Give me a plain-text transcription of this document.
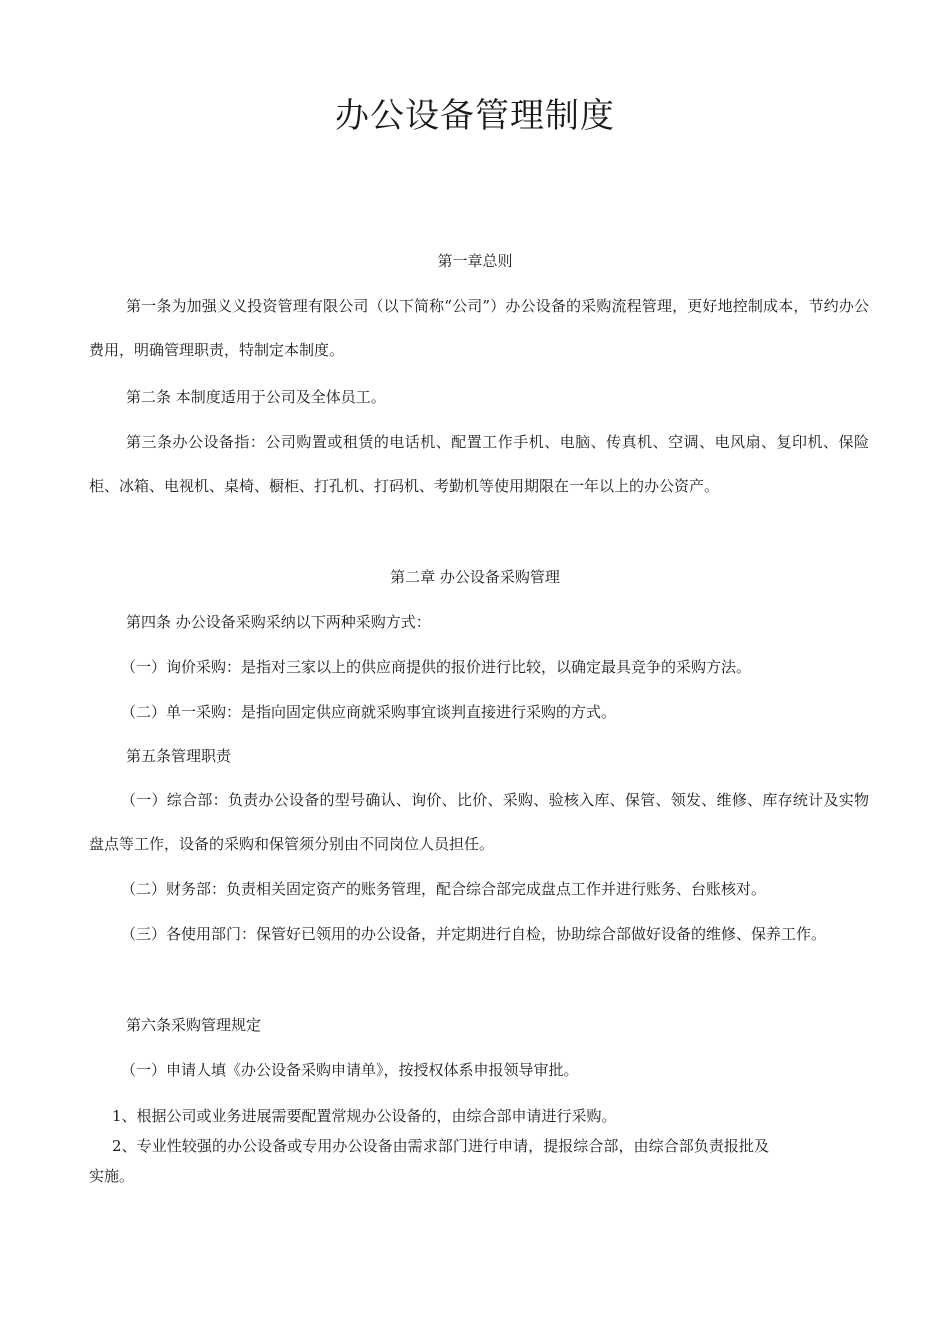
办公设备管理制度
第一章总则

第一条为加强义义投资管理有限公司（以下简称“公司”）办公设备的采购流程管理，更好地控制成本，节约办公费用，明确管理职责，特制定本制度。

第二条 本制度适用于公司及全体员工。

第三条办公设备指：公司购置或租赁的电话机、配置工作手机、电脑、传真机、空调、电风扇、复印机、保险柜、冰箱、电视机、桌椅、橱柜、打孔机、打码机、考勤机等使用期限在一年以上的办公资产。

第二章 办公设备采购管理

第四条 办公设备采购采纳以下两种采购方式：

（一）询价采购：是指对三家以上的供应商提供的报价进行比较，以确定最具竞争的采购方法。

（二）单一采购：是指向固定供应商就采购事宜谈判直接进行采购的方式。

第五条管理职责

（一）综合部：负责办公设备的型号确认、询价、比价、采购、验核入库、保管、领发、维修、库存统计及实物盘点等工作，设备的采购和保管须分别由不同岗位人员担任。

（二）财务部：负责相关固定资产的账务管理，配合综合部完成盘点工作并进行账务、台账核对。

（三）各使用部门：保管好已领用的办公设备，并定期进行自检，协助综合部做好设备的维修、保养工作。

第六条采购管理规定

（一）申请人填《办公设备采购申请单》，按授权体系申报领导审批。

1、根据公司或业务进展需要配置常规办公设备的，由综合部申请进行采购。

2、专业性较强的办公设备或专用办公设备由需求部门进行申请，提报综合部，由综合部负责报批及实施。
